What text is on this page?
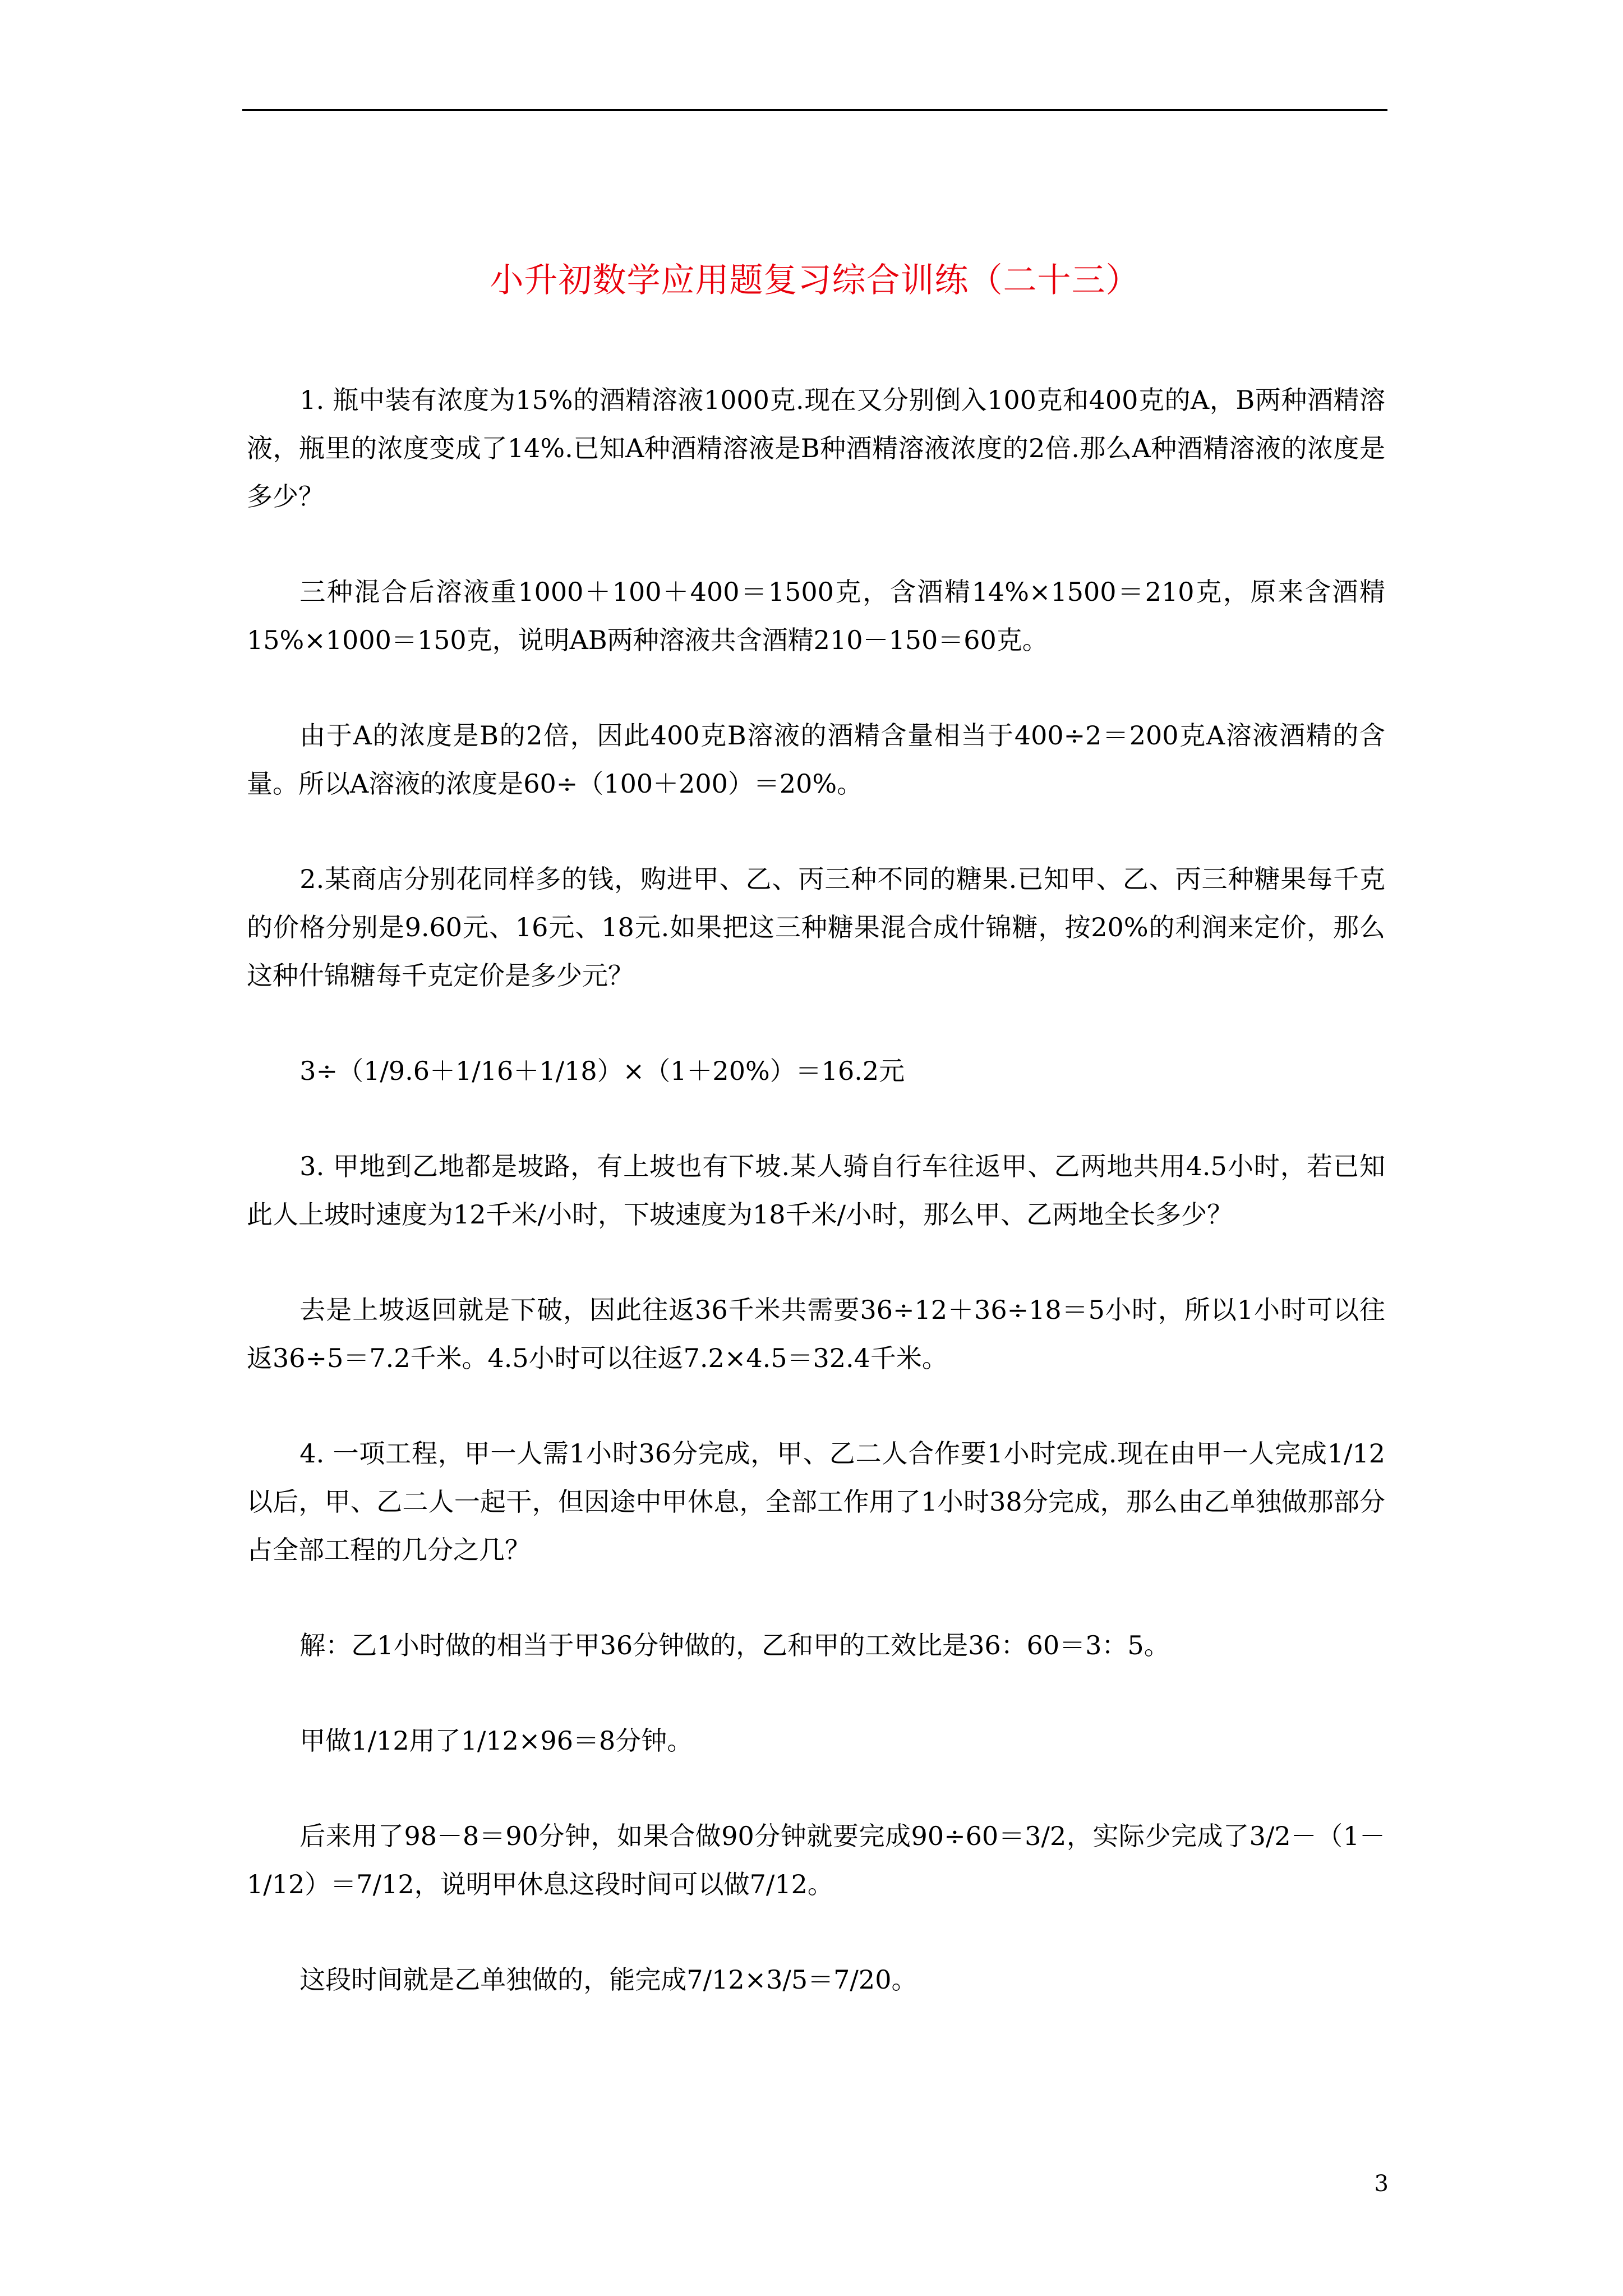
小升初数学应用题复习综合训练（二十三）

1. 瓶中装有浓度为15%的酒精溶液1000克.现在又分别倒入100克和400克的A，B两种酒精溶液，瓶里的浓度变成了14%.已知A种酒精溶液是B种酒精溶液浓度的2倍.那么A种酒精溶液的浓度是多少？

三种混合后溶液重1000＋100＋400＝1500克，含酒精14%×1500＝210克，原来含酒精15%×1000＝150克，说明AB两种溶液共含酒精210－150＝60克。

由于A的浓度是B的2倍，因此400克B溶液的酒精含量相当于400÷2＝200克A溶液酒精的含量。所以A溶液的浓度是60÷（100＋200）＝20%。

2.某商店分别花同样多的钱，购进甲、乙、丙三种不同的糖果.已知甲、乙、丙三种糖果每千克的价格分别是9.60元、16元、18元.如果把这三种糖果混合成什锦糖，按20%的利润来定价，那么这种什锦糖每千克定价是多少元？

3÷（1/9.6＋1/16＋1/18）×（1＋20%）＝16.2元

3. 甲地到乙地都是坡路，有上坡也有下坡.某人骑自行车往返甲、乙两地共用4.5小时，若已知此人上坡时速度为12千米/小时，下坡速度为18千米/小时，那么甲、乙两地全长多少？

去是上坡返回就是下破，因此往返36千米共需要36÷12＋36÷18＝5小时，所以1小时可以往返36÷5＝7.2千米。4.5小时可以往返7.2×4.5＝32.4千米。

4. 一项工程，甲一人需1小时36分完成，甲、乙二人合作要1小时完成.现在由甲一人完成1/12以后，甲、乙二人一起干，但因途中甲休息，全部工作用了1小时38分完成，那么由乙单独做那部分占全部工程的几分之几？

解：乙1小时做的相当于甲36分钟做的，乙和甲的工效比是36：60＝3：5。

甲做1/12用了1/12×96＝8分钟。

后来用了98－8＝90分钟，如果合做90分钟就要完成90÷60＝3/2，实际少完成了3/2－（1－1/12）＝7/12，说明甲休息这段时间可以做7/12。

这段时间就是乙单独做的，能完成7/12×3/5＝7/20。

3
